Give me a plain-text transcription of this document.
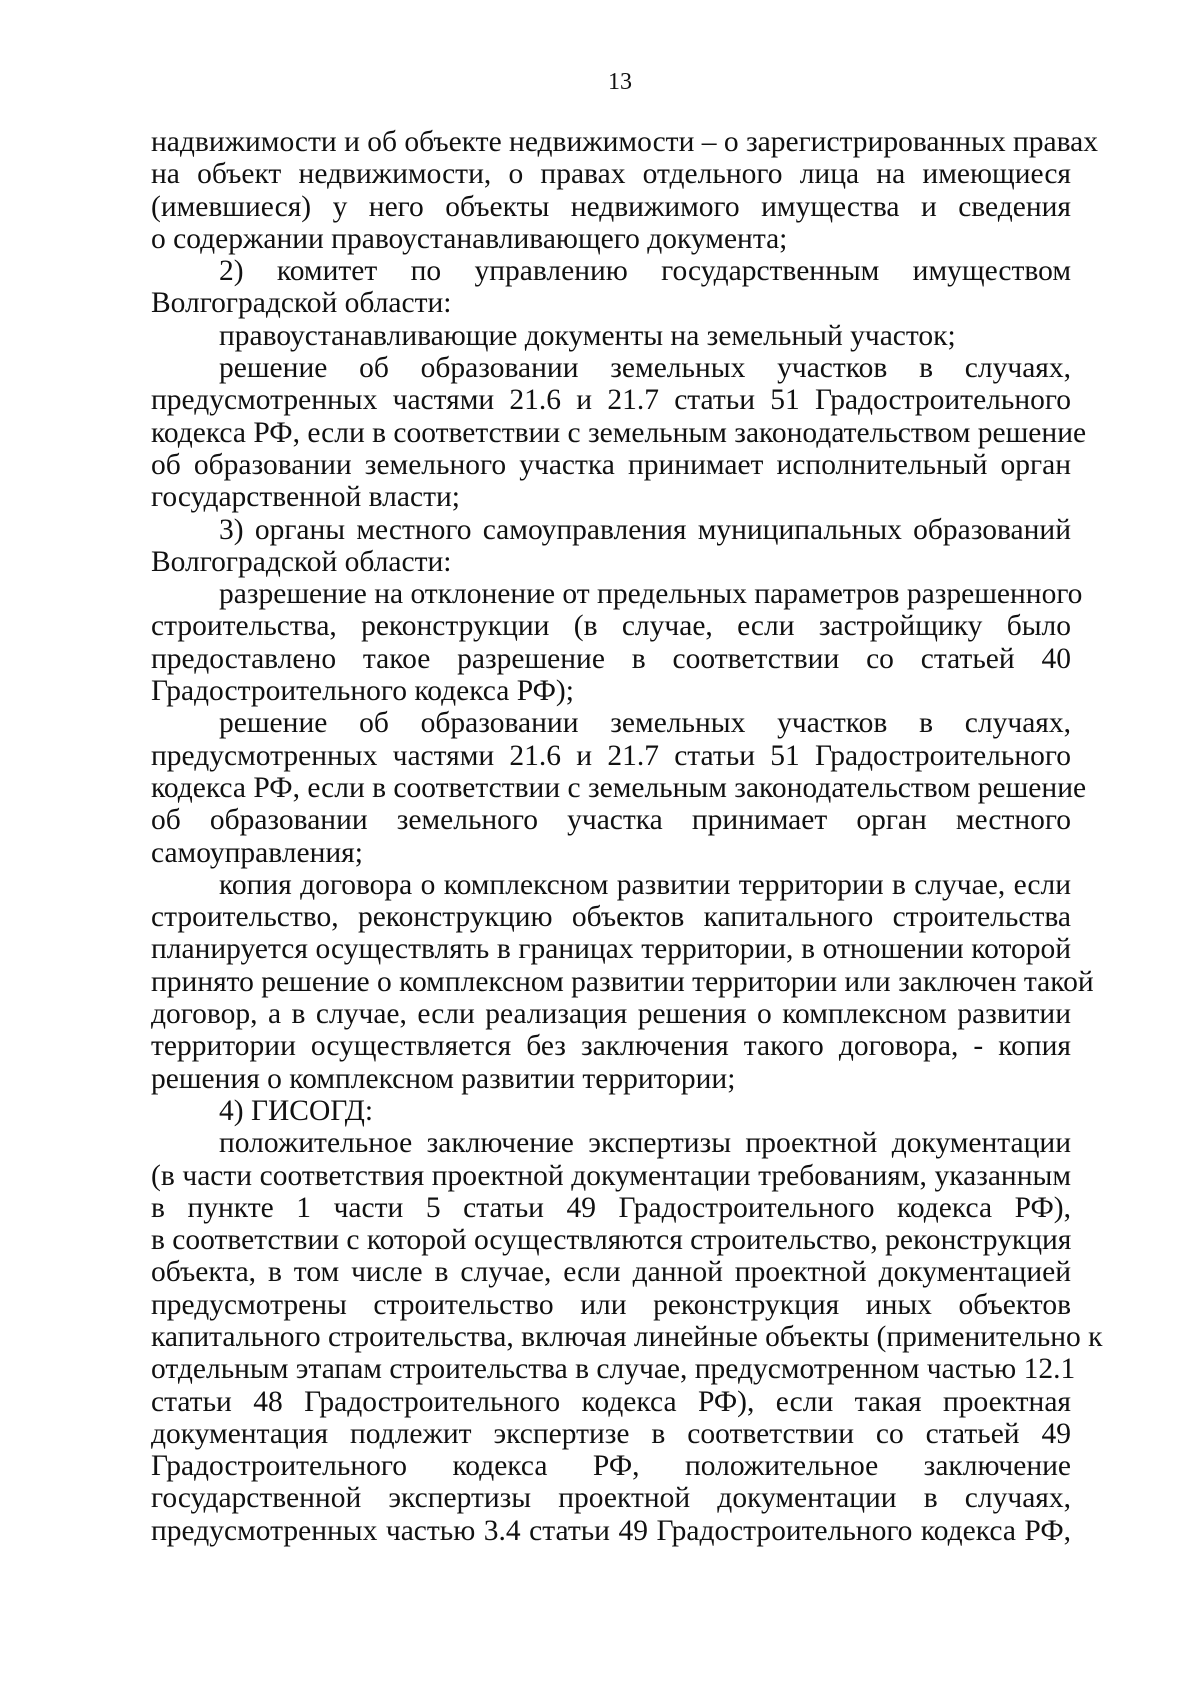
13
надвижимости и об объекте недвижимости – о зарегистрированных правах
на объект недвижимости, о правах отдельного лица на имеющиеся
(имевшиеся) у него объекты недвижимого имущества и сведения
о содержании правоустанавливающего документа;
2) комитет по управлению государственным имуществом
Волгоградской области:
правоустанавливающие документы на земельный участок;
решение об образовании земельных участков в случаях,
предусмотренных частями 21.6 и 21.7 статьи 51 Градостроительного
кодекса РФ, если в соответствии с земельным законодательством решение
об образовании земельного участка принимает исполнительный орган
государственной власти;
3) органы местного самоуправления муниципальных образований
Волгоградской области:
разрешение на отклонение от предельных параметров разрешенного
строительства, реконструкции (в случае, если застройщику было
предоставлено такое разрешение в соответствии со статьей 40
Градостроительного кодекса РФ);
решение об образовании земельных участков в случаях,
предусмотренных частями 21.6 и 21.7 статьи 51 Градостроительного
кодекса РФ, если в соответствии с земельным законодательством решение
об образовании земельного участка принимает орган местного
самоуправления;
копия договора о комплексном развитии территории в случае, если
строительство, реконструкцию объектов капитального строительства
планируется осуществлять в границах территории, в отношении которой
принято решение о комплексном развитии территории или заключен такой
договор, а в случае, если реализация решения о комплексном развитии
территории осуществляется без заключения такого договора, - копия
решения о комплексном развитии территории;
4) ГИСОГД:
положительное заключение экспертизы проектной документации
(в части соответствия проектной документации требованиям, указанным
в пункте 1 части 5 статьи 49 Градостроительного кодекса РФ),
в соответствии с которой осуществляются строительство, реконструкция
объекта, в том числе в случае, если данной проектной документацией
предусмотрены строительство или реконструкция иных объектов
капитального строительства, включая линейные объекты (применительно к
отдельным этапам строительства в случае, предусмотренном частью 12.1
статьи 48 Градостроительного кодекса РФ), если такая проектная
документация подлежит экспертизе в соответствии со статьей 49
Градостроительного кодекса РФ, положительное заключение
государственной экспертизы проектной документации в случаях,
предусмотренных частью 3.4 статьи 49 Градостроительного кодекса РФ,
